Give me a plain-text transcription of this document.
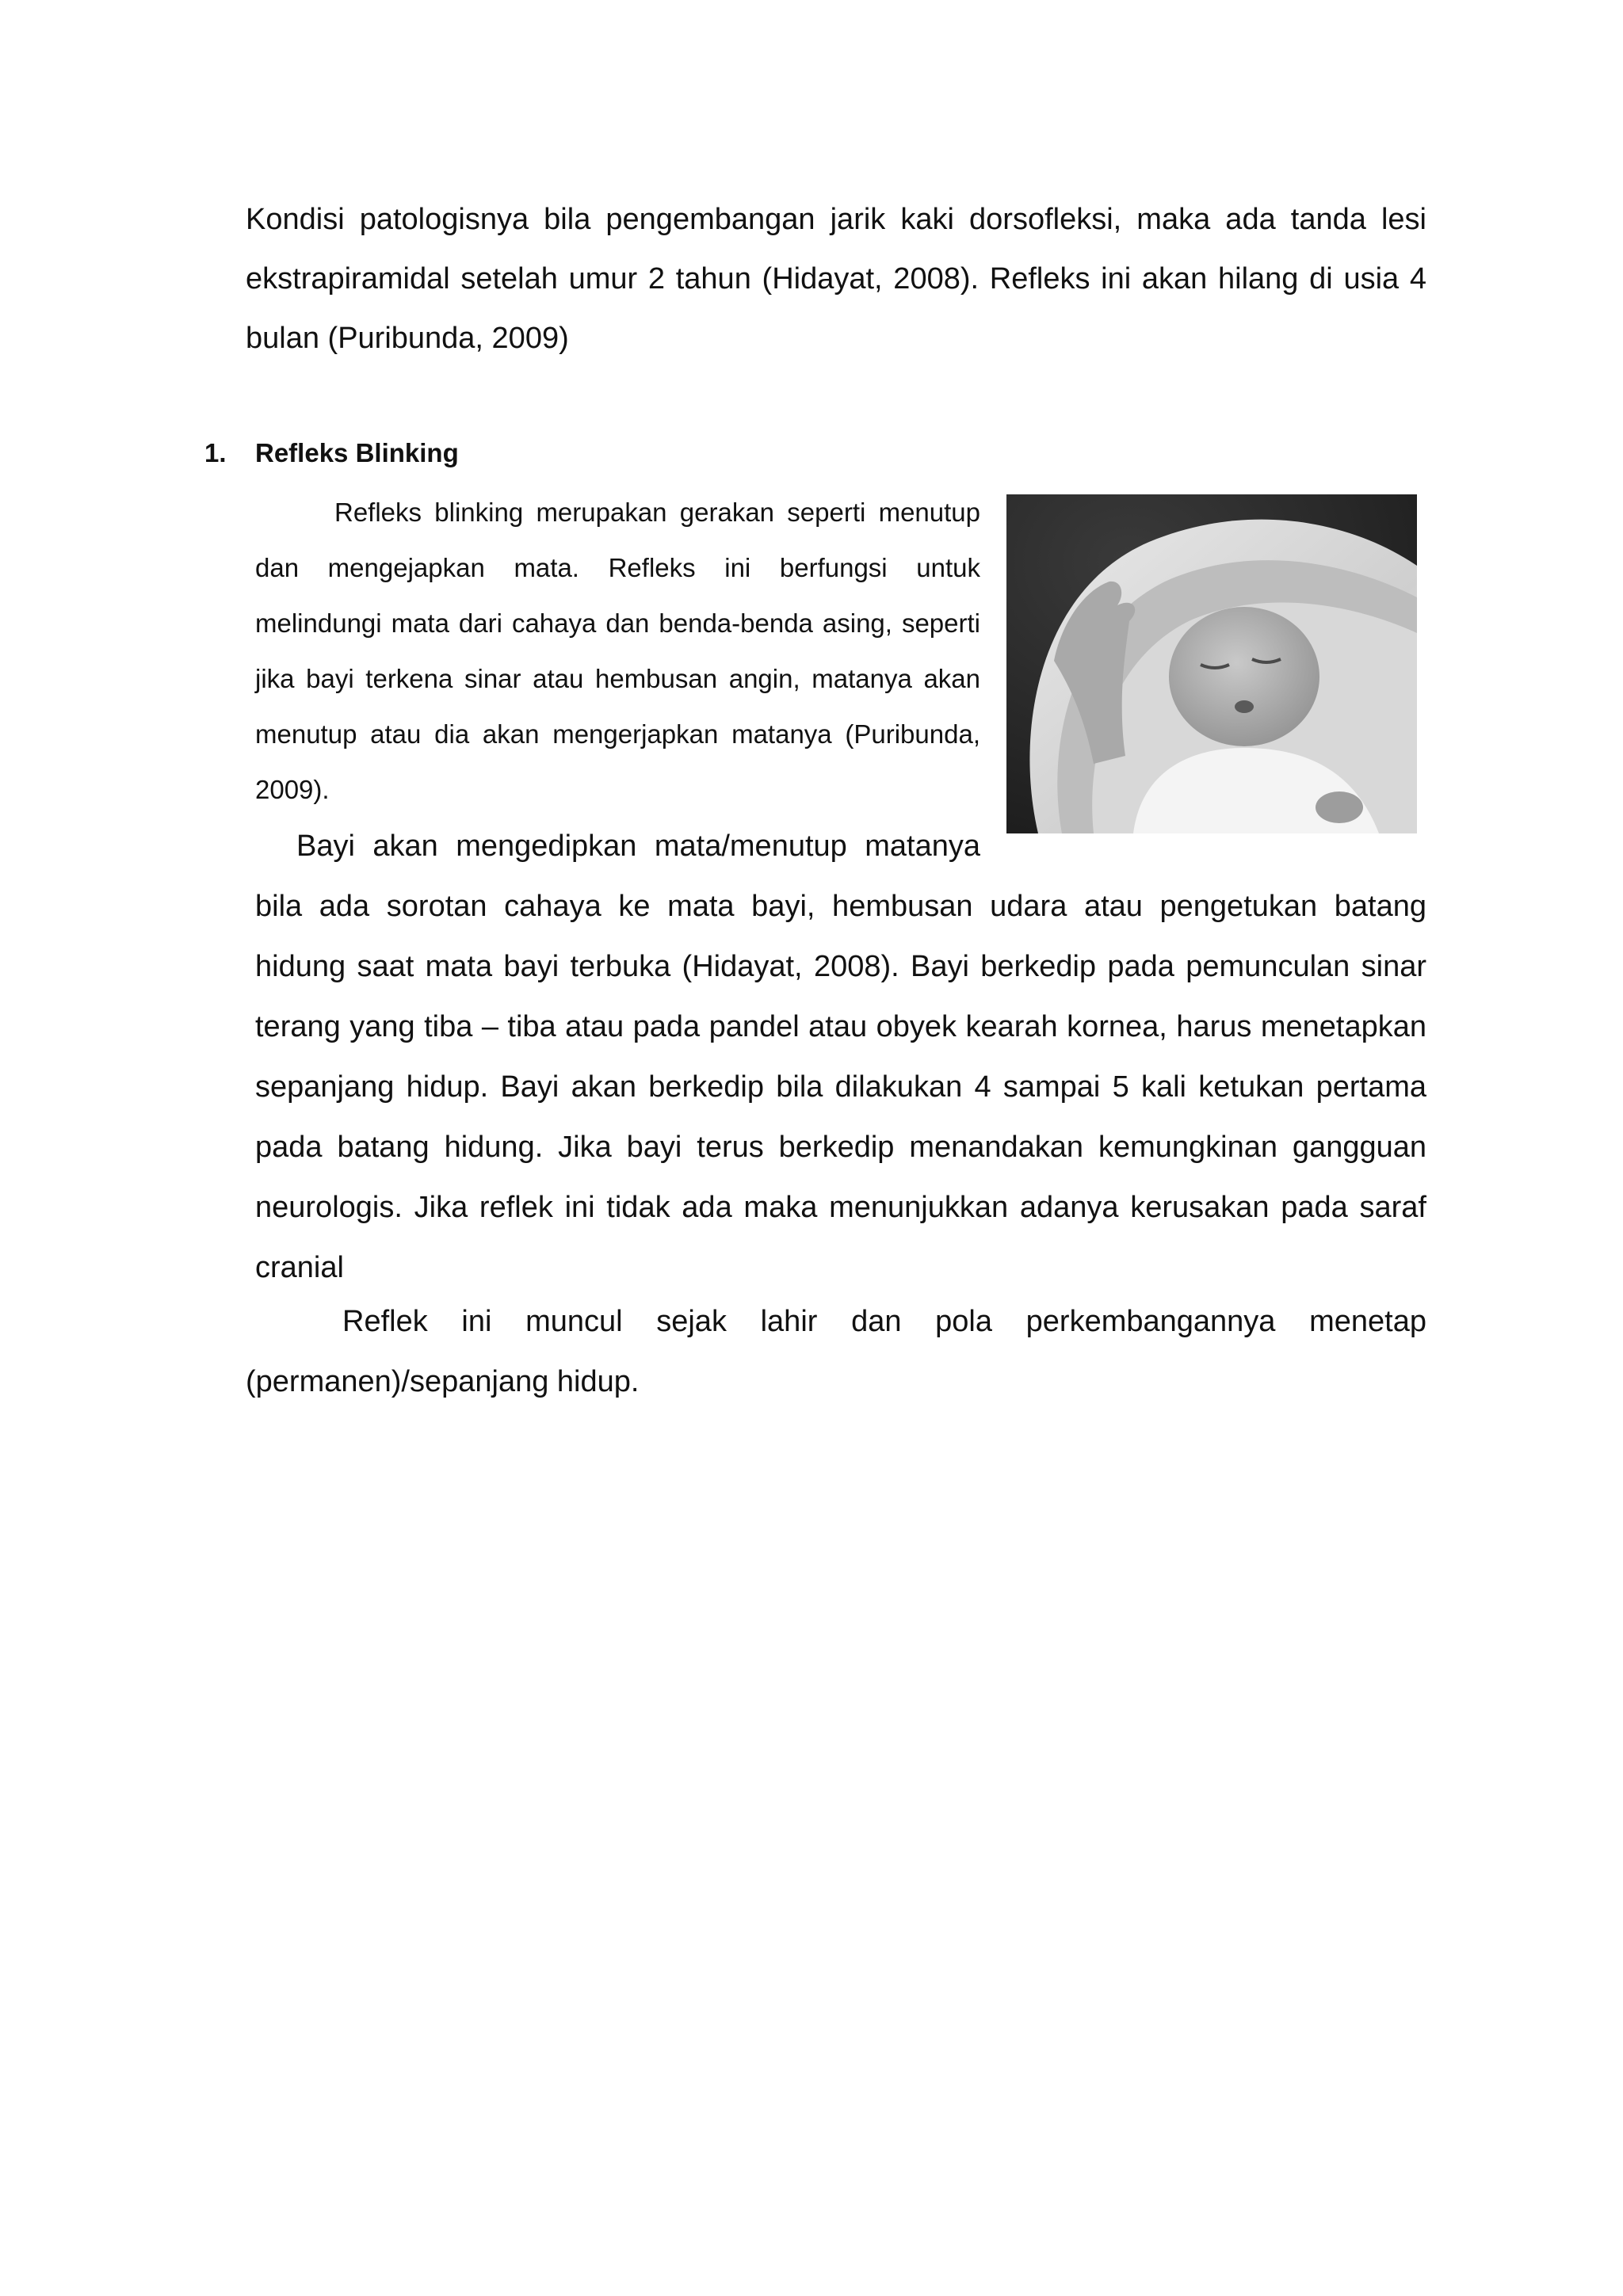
Kondisi patologisnya bila pengembangan jarik kaki dorsofleksi, maka ada tanda lesi ekstrapiramidal setelah umur 2 tahun (Hidayat, 2008). Refleks ini akan hilang di usia 4 bulan (Puribunda, 2009)

1. Refleks Blinking

Refleks blinking merupakan gerakan seperti menutup dan mengejapkan mata. Refleks ini berfungsi untuk melindungi mata dari cahaya dan benda-benda asing, seperti jika bayi terkena sinar atau hembusan angin, matanya akan menutup atau dia akan mengerjapkan matanya (Puribunda, 2009).

Bayi akan mengedipkan mata/menutup matanya

bila ada sorotan cahaya ke mata bayi, hembusan udara atau pengetukan batang hidung saat mata bayi terbuka (Hidayat, 2008). Bayi berkedip pada pemunculan sinar terang yang tiba – tiba atau pada pandel atau obyek kearah kornea, harus menetapkan sepanjang hidup. Bayi akan berkedip bila dilakukan 4 sampai 5 kali ketukan pertama pada batang hidung. Jika bayi terus berkedip menandakan kemungkinan gangguan neurologis. Jika reflek ini tidak ada maka menunjukkan adanya kerusakan pada saraf cranial

Reflek ini muncul sejak lahir dan pola perkembangannya menetap (permanen)/sepanjang hidup.
